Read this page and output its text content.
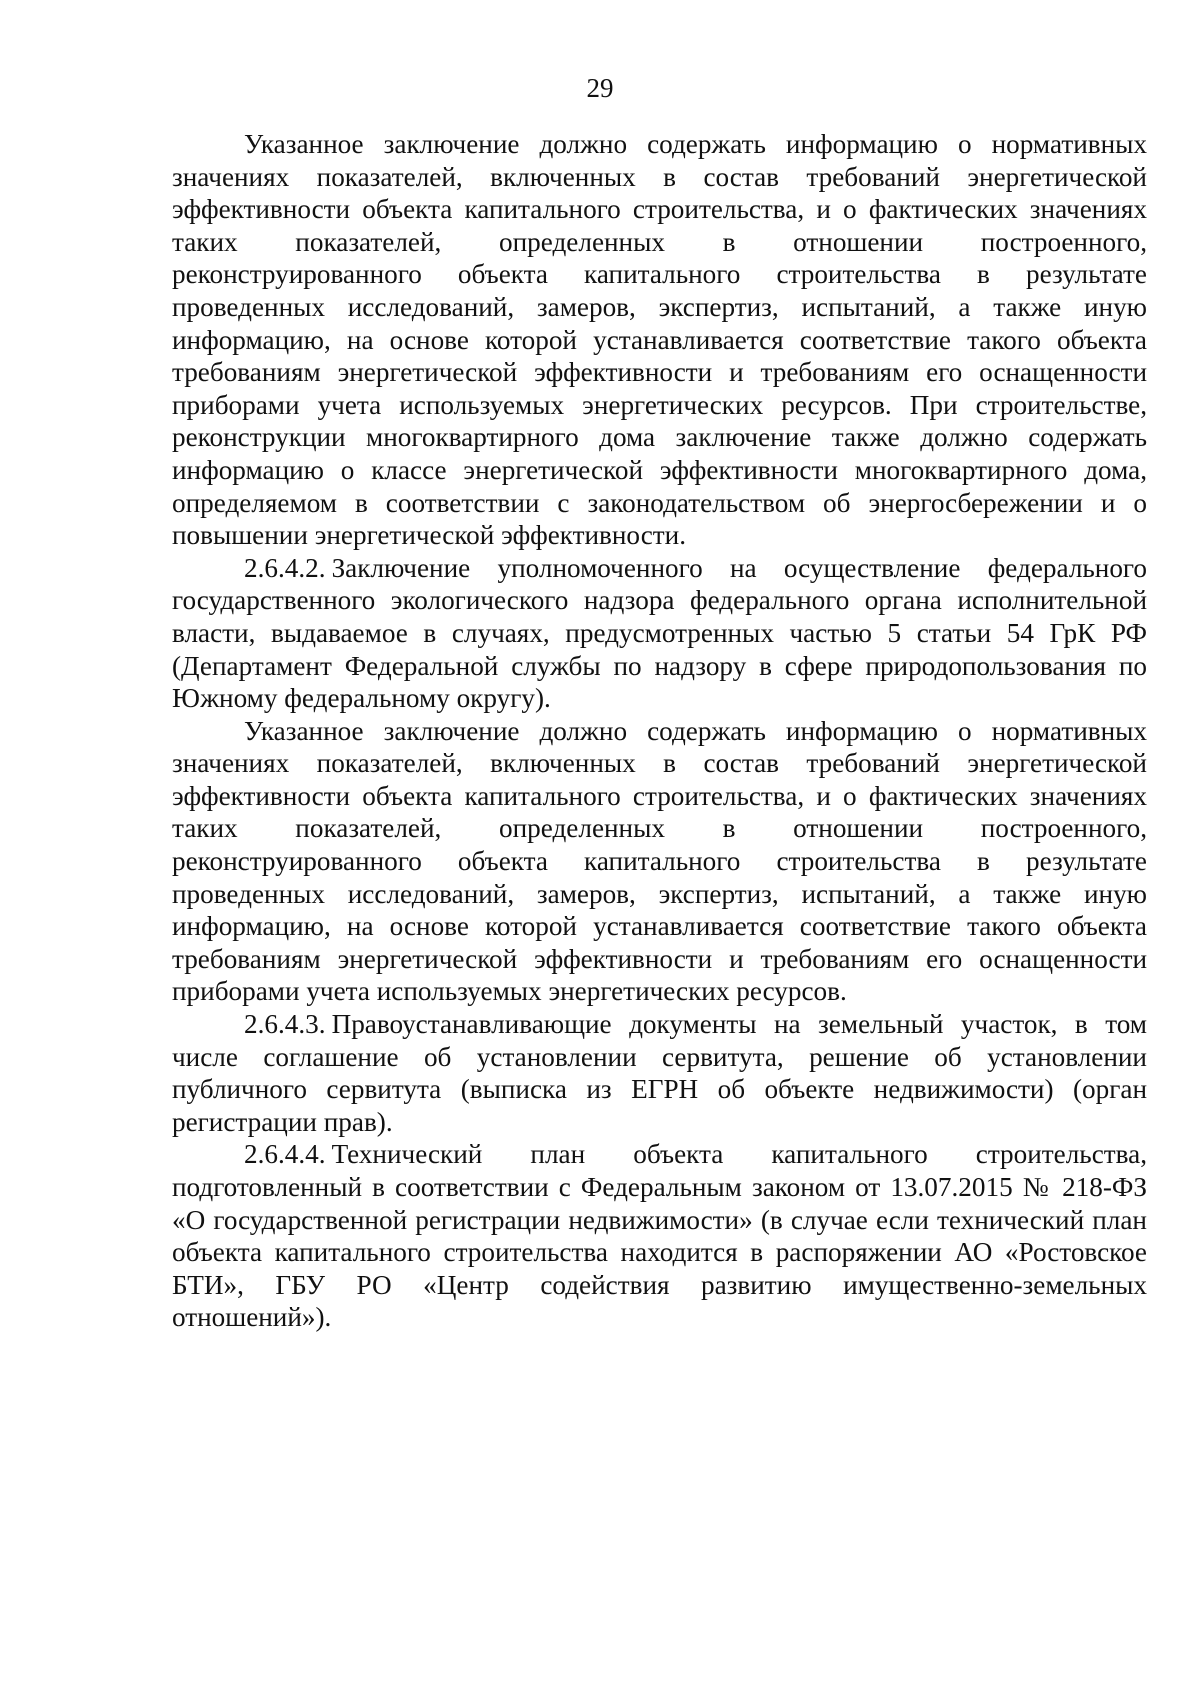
29

Указанное заключение должно содержать информацию о нормативных значениях показателей, включенных в состав требований энергетической эффективности объекта капитального строительства, и о фактических значениях таких показателей, определенных в отношении построенного, реконструированного объекта капитального строительства в результате проведенных исследований, замеров, экспертиз, испытаний, а также иную информацию, на основе которой устанавливается соответствие такого объекта требованиям энергетической эффективности и требованиям его оснащенности приборами учета используемых энергетических ресурсов. При строительстве, реконструкции многоквартирного дома заключение также должно содержать информацию о классе энергетической эффективности многоквартирного дома, определяемом в соответствии с законодательством об энергосбережении и о повышении энергетической эффективности.

2.6.4.2. Заключение уполномоченного на осуществление федерального государственного экологического надзора федерального органа исполнительной власти, выдаваемое в случаях, предусмотренных частью 5 статьи 54 ГрК РФ (Департамент Федеральной службы по надзору в сфере природопользования по Южному федеральному округу).

Указанное заключение должно содержать информацию о нормативных значениях показателей, включенных в состав требований энергетической эффективности объекта капитального строительства, и о фактических значениях таких показателей, определенных в отношении построенного, реконструированного объекта капитального строительства в результате проведенных исследований, замеров, экспертиз, испытаний, а также иную информацию, на основе которой устанавливается соответствие такого объекта требованиям энергетической эффективности и требованиям его оснащенности приборами учета используемых энергетических ресурсов.

2.6.4.3. Правоустанавливающие документы на земельный участок, в том числе соглашение об установлении сервитута, решение об установлении публичного сервитута (выписка из ЕГРН об объекте недвижимости) (орган регистрации прав).

2.6.4.4. Технический план объекта капитального строительства, подготовленный в соответствии с Федеральным законом от 13.07.2015 № 218-ФЗ «О государственной регистрации недвижимости» (в случае если технический план объекта капитального строительства находится в распоряжении АО «Ростовское БТИ», ГБУ РО «Центр содействия развитию имущественно-земельных отношений»).
